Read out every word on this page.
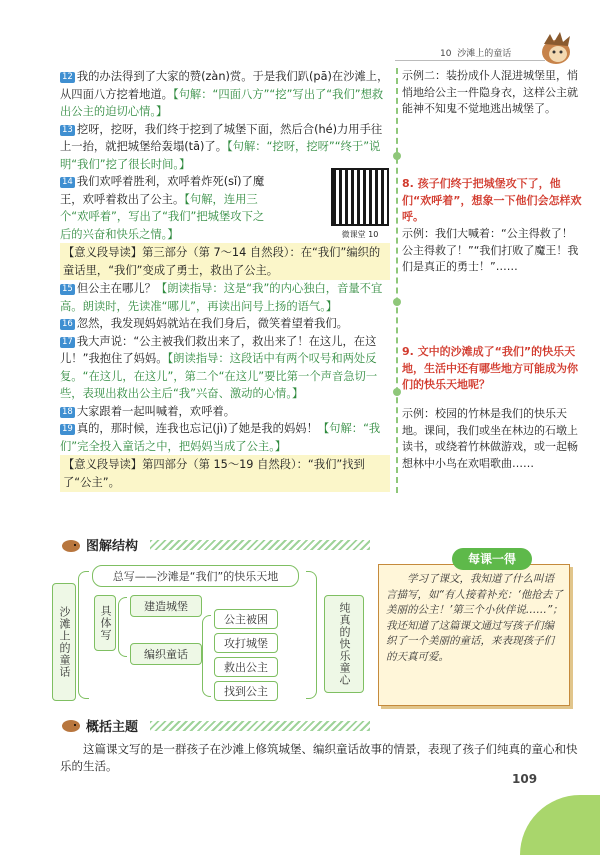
10 沙滩上的童话

12 我的办法得到了大家的赞(zàn)赏。于是我们趴(pā)在沙滩上，从四面八方挖着地道。【句解：“四面八方”“挖”写出了“我们”想救出公主的迫切心情。】

13 挖呀，挖呀，我们终于挖到了城堡下面，然后合(hé)力用手往上一抬，就把城堡给轰塌(tā)了。【句解：“挖呀，挖呀”“终于”说明“我们”挖了很长时间。】

14 我们欢呼着胜利，欢呼着炸死(sǐ)了魔王，欢呼着救出了公主。【句解，连用三个“欢呼着”，写出了“我们”把城堡攻下之后的兴奋和快乐之情。】

【意义段导读】第三部分（第 7～14 自然段）：在“我们”编织的童话里，“我们”变成了勇士，救出了公主。

15 但公主在哪儿？【朗读指导：这是“我”的内心独白，音量不宜高。朗读时，先读准“哪儿”，再读出问号上扬的语气。】

16 忽然，我发现妈妈就站在我们身后，微笑着望着我们。

17 我大声说：“公主被我们救出来了，救出来了！在这儿，在这儿！”我抱住了妈妈。【朗读指导：这段话中有两个叹号和两处反复。“在这儿，在这儿”，第二个“在这儿”要比第一个声音急切一些，表现出救出公主后“我”兴奋、激动的心情。】

18 大家跟着一起叫喊着，欢呼着。

19 真的，那时候，连我也忘记(jì)了她是我的妈妈！【句解：“我们”完全投入童话之中，把妈妈当成了公主。】

【意义段导读】第四部分（第 15～19 自然段）：“我们”找到了“公主”。

微课堂 10
示例二：装扮成仆人混进城堡里，悄悄地给公主一件隐身衣，这样公主就能神不知鬼不觉地逃出城堡了。
8. 孩子们终于把城堡攻下了，他们“欢呼着”，想象一下他们会怎样欢呼。
示例：我们大喊着：“公主得救了！公主得救了！”“我们打败了魔王！我们是真正的勇士！”……
9. 文中的沙滩成了“我们”的快乐天地，生活中还有哪些地方可能成为你们的快乐天地呢？
示例：校园的竹林是我们的快乐天地。课间，我们或坐在林边的石墩上读书，或绕着竹林做游戏，或一起畅想林中小鸟在欢唱歌曲……
图解结构
沙滩上的童话
总写——沙滩是“我们”的快乐天地
具体写	建造城堡
编织童话
公主被困
攻打城堡
救出公主
找到公主
纯真的快乐童心
每课一得
学习了课文，我知道了什么叫语言描写，如“有人接着补充：‘他抢去了美丽的公主！’第三个小伙伴说……”；我还知道了这篇课文通过写孩子们编织了一个美丽的童话，来表现孩子们的天真可爱。
概括主题
这篇课文写的是一群孩子在沙滩上修筑城堡、编织童话故事的情景，表现了孩子们纯真的童心和快乐的生活。
109
